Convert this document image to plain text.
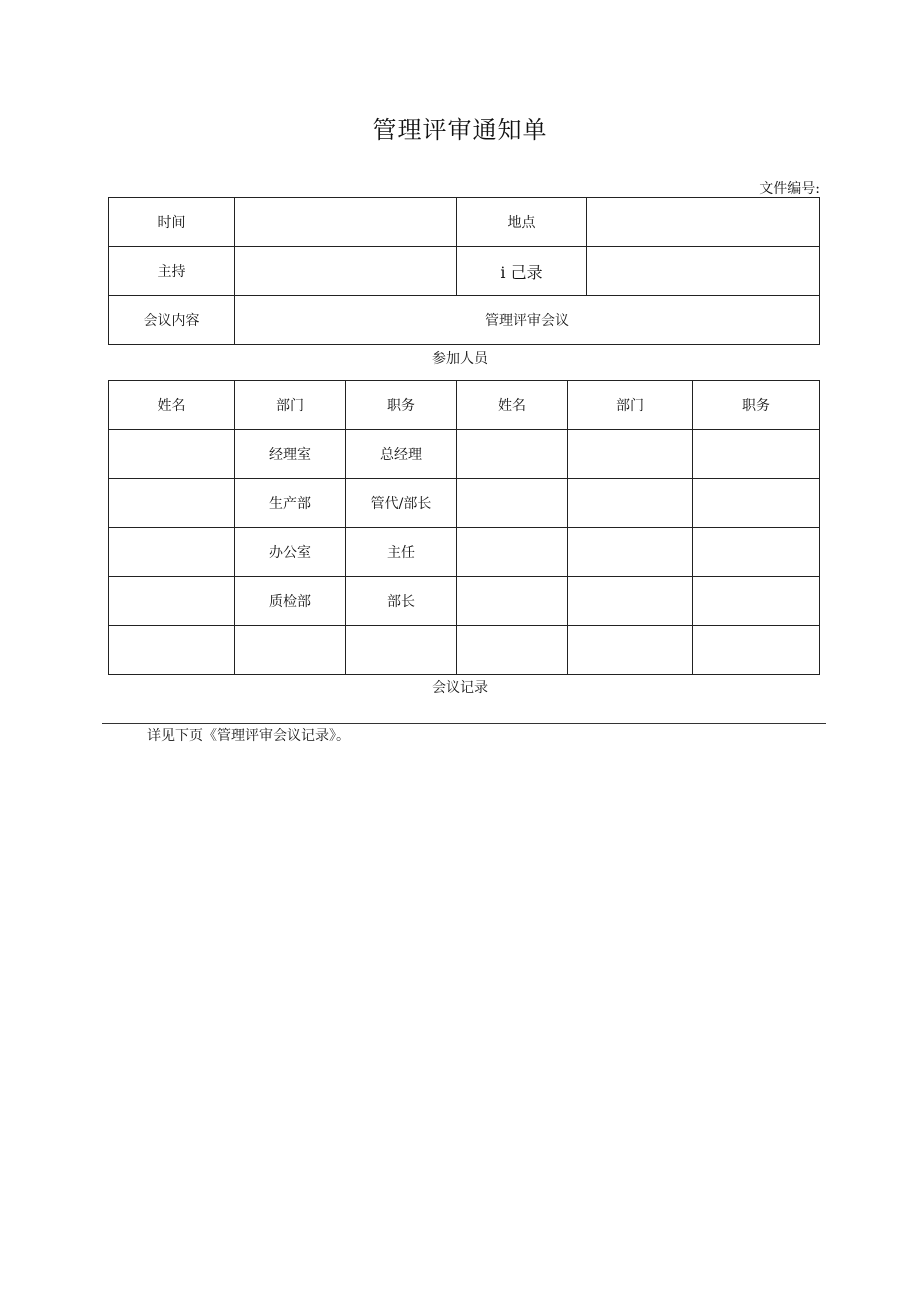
管理评审通知单
文件编号:
时间		地点	
主持		i 己录	
会议内容	管理评审会议		
参加人员
姓名	部门	职务	姓名	部门	职务
	经理室	总经理			
	生产部	管代/部长			
	办公室	主任			
	质检部	部长			

会议记录
详见下页《管理评审会议记录》。
